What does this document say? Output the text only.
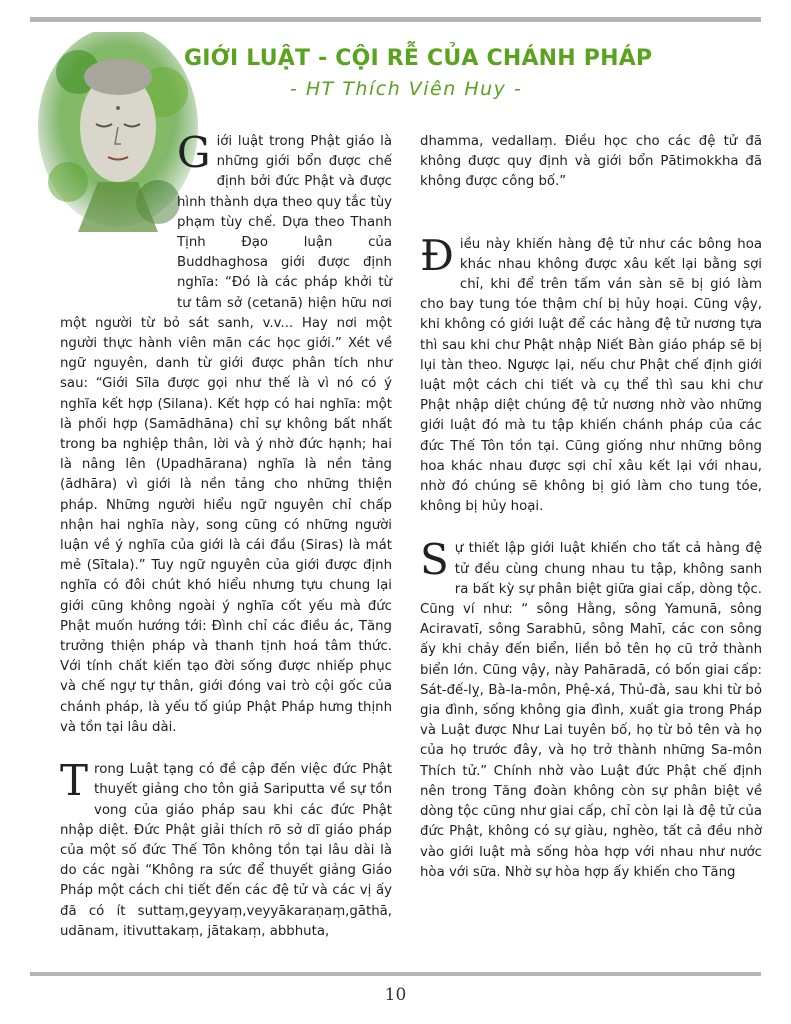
GIỚI LUẬT - CỘI RỄ CỦA CHÁNH PHÁP
- HT Thích Viên Huy -

G iới luật trong Phật giáo là những giới bổn được chế định bởi đức Phật và được hình thành dựa theo quy tắc tùy phạm tùy chế. Dựa theo Thanh Tịnh Đạo luận của Buddhaghosa giới được định nghĩa: “Đó là các pháp khởi từ tư tâm sở (cetanā) hiện hữu nơi một người từ bỏ sát sanh, v.v... Hay nơi một người thực hành viên mãn các học giới.” Xét về ngữ nguyên, danh từ giới được phân tích như sau: “Giới Sīla được gọi như thế là vì nó có ý nghĩa kết hợp (Silana). Kết hợp có hai nghĩa: một là phối hợp (Samādhāna) chỉ sự không bất nhất trong ba nghiệp thân, lời và ý nhờ đức hạnh; hai là nâng lên (Upadhārana) nghĩa là nền tảng (ādhāra) vì giới là nền tảng cho những thiện pháp. Những người hiểu ngữ nguyên chỉ chấp nhận hai nghĩa này, song cũng có những người luận về ý nghĩa của giới là cái đầu (Siras) là mát mẻ (Sītala).” Tuy ngữ nguyên của giới được định nghĩa có đôi chút khó hiểu nhưng tựu chung lại giới cũng không ngoài ý nghĩa cốt yếu mà đức Phật muốn hướng tới: Đình chỉ các điều ác, Tăng trưởng thiện pháp và thanh tịnh hoá tâm thức. Với tính chất kiến tạo đời sống được nhiếp phục và chế ngự tự thân, giới đóng vai trò cội gốc của chánh pháp, là yếu tố giúp Phật Pháp hưng thịnh và tồn tại lâu dài.

T rong Luật tạng có đề cập đến việc đức Phật thuyết giảng cho tôn giả Sariputta về sự tồn vong của giáo pháp sau khi các đức Phật nhập diệt. Đức Phật giải thích rõ sở dĩ giáo pháp của một số đức Thế Tôn không tồn tại lâu dài là do các ngài “Không ra sức để thuyết giảng Giáo Pháp một cách chi tiết đến các đệ tử và các vị ấy đã có ít suttaṃ,geyyaṃ,veyyākaraṇaṃ,gāthā, udānam, itivuttakaṃ, jātakaṃ, abbhuta,

dhamma, vedallaṃ. Điều học cho các đệ tử đã không được quy định và giới bổn Pātimokkha đã không được công bố.”

Đ iều này khiến hàng đệ tử như các bông hoa khác nhau không được xâu kết lại bằng sợi chỉ, khi để trên tấm ván sàn sẽ bị gió làm cho bay tung tóe thậm chí bị hủy hoại. Cũng vậy, khi không có giới luật để các hàng đệ tử nương tựa thì sau khi chư Phật nhập Niết Bàn giáo pháp sẽ bị lụi tàn theo. Ngược lại, nếu chư Phật chế định giới luật một cách chi tiết và cụ thể thì sau khi chư Phật nhập diệt chúng đệ tử nương nhờ vào những giới luật đó mà tu tập khiến chánh pháp của các đức Thế Tôn tồn tại. Cũng giống như những bông hoa khác nhau được sợi chỉ xâu kết lại với nhau, nhờ đó chúng sẽ không bị gió làm cho tung tóe, không bị hủy hoại.

S ự thiết lập giới luật khiến cho tất cả hàng đệ tử đều cùng chung nhau tu tập, không sanh ra bất kỳ sự phân biệt giữa giai cấp, dòng tộc. Cũng ví như: “ sông Hằng, sông Yamunā, sông Aciravatī, sông Sarabhū, sông Mahī, các con sông ấy khi chảy đến biển, liền bỏ tên họ cũ trở thành biển lớn. Cũng vậy, này Pahāradā, có bốn giai cấp: Sát-đế-lỵ, Bà-la-môn, Phệ-xá, Thủ-đà, sau khi từ bỏ gia đình, sống không gia đình, xuất gia trong Pháp và Luật được Như Lai tuyên bố, họ từ bỏ tên và họ của họ trước đây, và họ trở thành những Sa-môn Thích tử.” Chính nhờ vào Luật đức Phật chế định nên trong Tăng đoàn không còn sự phân biệt về dòng tộc cũng như giai cấp, chỉ còn lại là đệ tử của đức Phật, không có sự giàu, nghèo, tất cả đều nhờ vào giới luật mà sống hòa hợp với nhau như nước hòa với sữa. Nhờ sự hòa hợp ấy khiến cho Tăng

10
